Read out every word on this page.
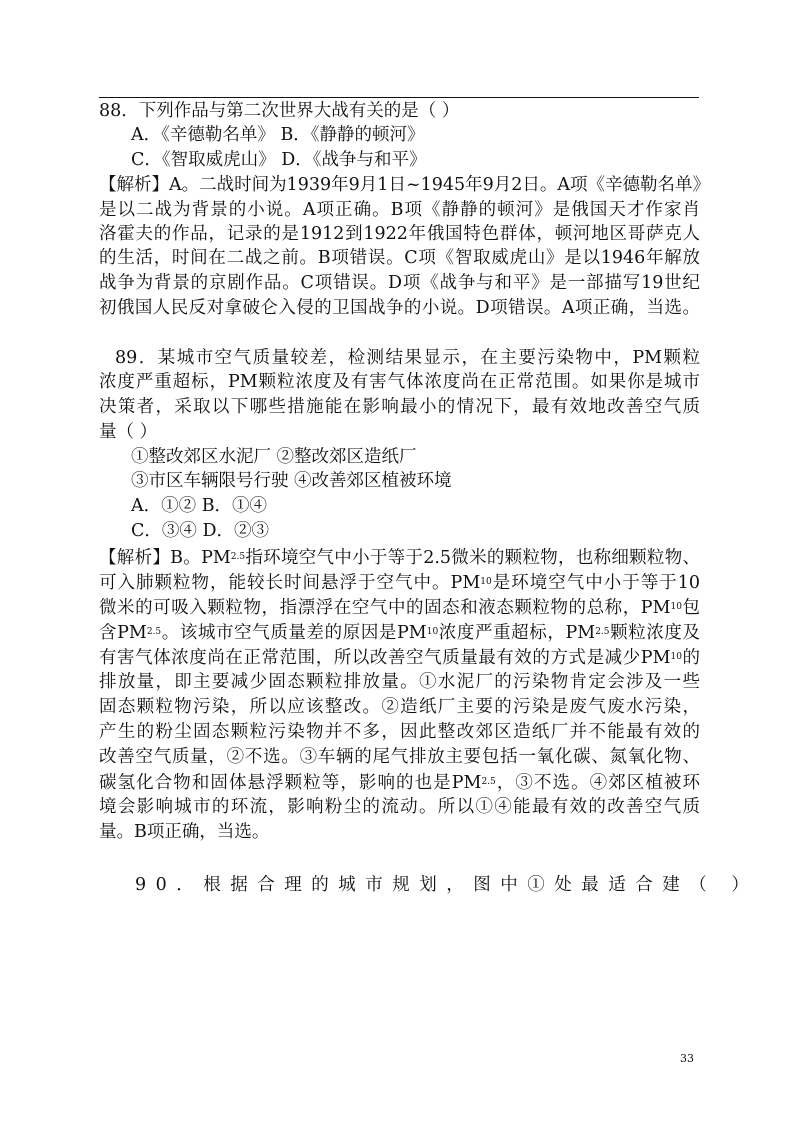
88．下列作品与第二次世界大战有关的是（ ）
A．《辛德勒名单》 B．《静静的顿河》
C．《智取威虎山》 D．《战争与和平》
【解析】A。二战时间为1939年9月1日~1945年9月2日。A项《辛德勒名单》
是以二战为背景的小说。A项正确。B项《静静的顿河》是俄国天才作家肖
洛霍夫的作品，记录的是1912到1922年俄国特色群体，顿河地区哥萨克人
的生活，时间在二战之前。B项错误。C项《智取威虎山》是以1946年解放
战争为背景的京剧作品。C项错误。D项《战争与和平》是一部描写19世纪
初俄国人民反对拿破仑入侵的卫国战争的小说。D项错误。A项正确，当选。
89．某城市空气质量较差，检测结果显示，在主要污染物中，PM颗粒
浓度严重超标，PM颗粒浓度及有害气体浓度尚在正常范围。如果你是城市
决策者，采取以下哪些措施能在影响最小的情况下，最有效地改善空气质
量（ ）
①整改郊区水泥厂 ②整改郊区造纸厂
③市区车辆限号行驶 ④改善郊区植被环境
A．①② B．①④
C．③④ D．②③
【解析】B。$PM^{2.5}$指环境空气中小于等于2.5微米的颗粒物，也称细颗粒物、
可入肺颗粒物，能较长时间悬浮于空气中。PM$^{10}$是环境空气中小于等于10
微米的可吸入颗粒物，指漂浮在空气中的固态和液态颗粒物的总称，PM$^{10}$包
含$PM^{2.5}$。该城市空气质量差的原因是PM$^{10}$浓度严重超标，$PM^{2.5}$颗粒浓度及
有害气体浓度尚在正常范围，所以改善空气质量最有效的方式是减少PM$^{10}$的
排放量，即主要减少固态颗粒排放量。①水泥厂的污染物肯定会涉及一些
固态颗粒物污染，所以应该整改。②造纸厂主要的污染是废气废水污染，
产生的粉尘固态颗粒污染物并不多，因此整改郊区造纸厂并不能最有效的
改善空气质量，②不选。③车辆的尾气排放主要包括一氧化碳、氮氧化物、
碳氢化合物和固体悬浮颗粒等，影响的也是$PM^{2.5}$，③不选。④郊区植被环
境会影响城市的环流，影响粉尘的流动。所以①④能最有效的改善空气质
量。B项正确，当选。
90．根据合理的城市规划，图中①处最适合建（ ）
33
